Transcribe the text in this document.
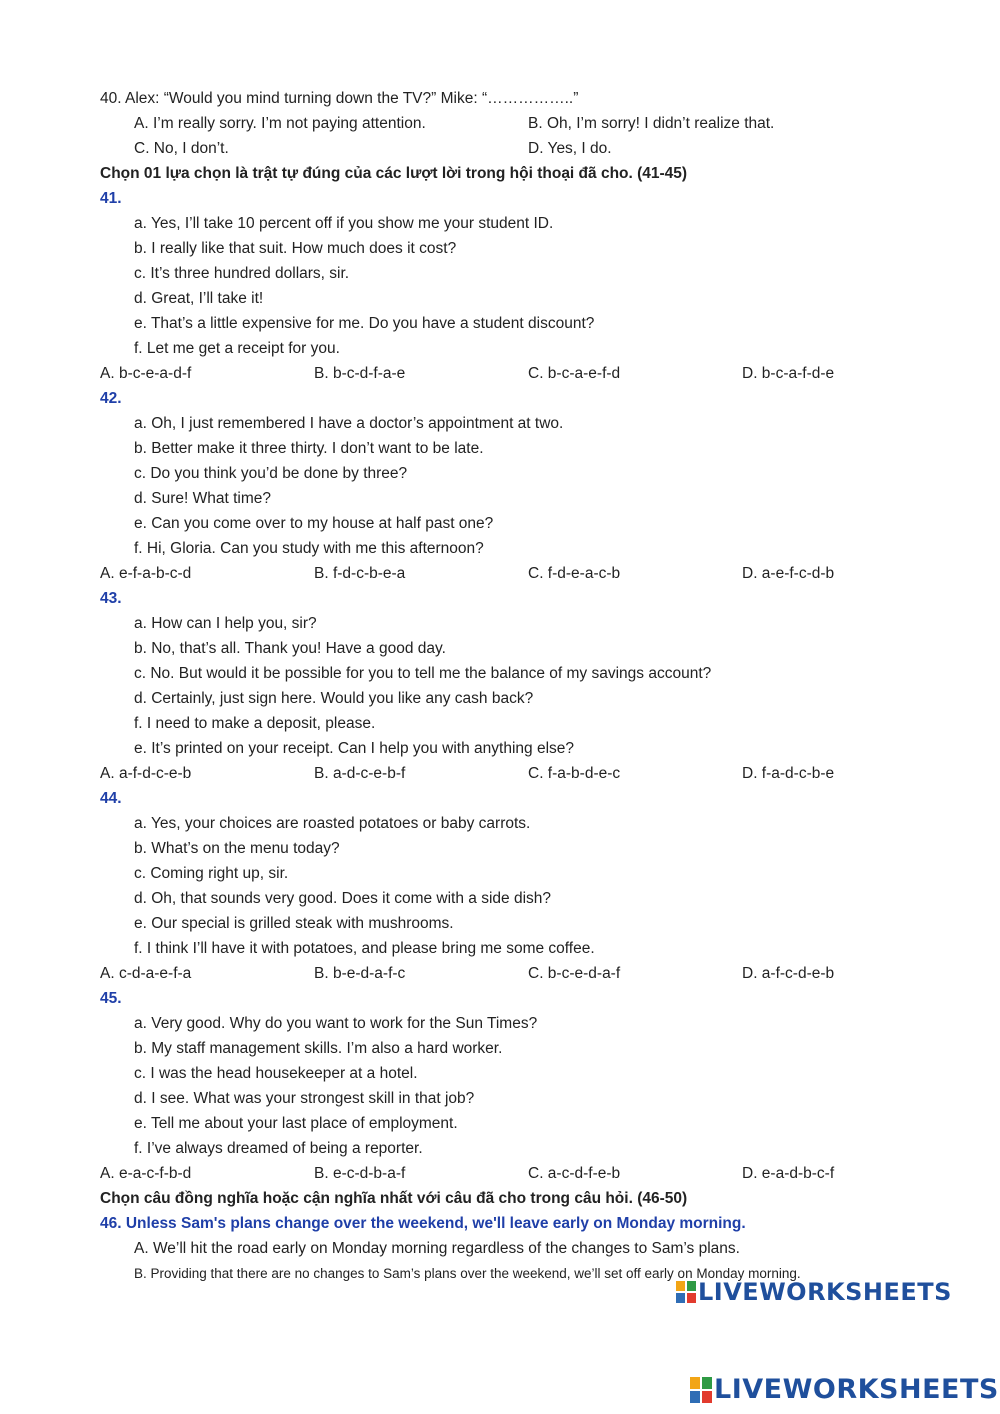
40. Alex: “Would you mind turning down the TV?” Mike: “……………..”
A. I’m really sorry. I’m not paying attention.	B. Oh, I’m sorry! I didn’t realize that.
C. No, I don’t.	D. Yes, I do.
Chọn 01 lựa chọn là trật tự đúng của các lượt lời trong hội thoại đã cho. (41-45)
41.
a. Yes, I’ll take 10 percent off if you show me your student ID.
b. I really like that suit. How much does it cost?
c. It’s three hundred dollars, sir.
d. Great, I’ll take it!
e. That’s a little expensive for me. Do you have a student discount?
f. Let me get a receipt for you.
A. b-c-e-a-d-f	B. b-c-d-f-a-e	C. b-c-a-e-f-d	D. b-c-a-f-d-e
42.
a. Oh, I just remembered I have a doctor’s appointment at two.
b. Better make it three thirty. I don’t want to be late.
c. Do you think you’d be done by three?
d. Sure! What time?
e. Can you come over to my house at half past one?
f. Hi, Gloria. Can you study with me this afternoon?
A. e-f-a-b-c-d	B. f-d-c-b-e-a	C. f-d-e-a-c-b	D. a-e-f-c-d-b
43.
a. How can I help you, sir?
b. No, that’s all. Thank you! Have a good day.
c. No. But would it be possible for you to tell me the balance of my savings account?
d. Certainly, just sign here. Would you like any cash back?
f. I need to make a deposit, please.
e. It’s printed on your receipt. Can I help you with anything else?
A. a-f-d-c-e-b	B. a-d-c-e-b-f	C. f-a-b-d-e-c	D. f-a-d-c-b-e
44.
a. Yes, your choices are roasted potatoes or baby carrots.
b. What’s on the menu today?
c. Coming right up, sir.
d. Oh, that sounds very good. Does it come with a side dish?
e. Our special is grilled steak with mushrooms.
f. I think I’ll have it with potatoes, and please bring me some coffee.
A. c-d-a-e-f-a	B. b-e-d-a-f-c	C. b-c-e-d-a-f	D. a-f-c-d-e-b
45.
a. Very good. Why do you want to work for the Sun Times?
b. My staff management skills. I’m also a hard worker.
c. I was the head housekeeper at a hotel.
d. I see. What was your strongest skill in that job?
e. Tell me about your last place of employment.
f. I’ve always dreamed of being a reporter.
A. e-a-c-f-b-d	B. e-c-d-b-a-f	C. a-c-d-f-e-b	D. e-a-d-b-c-f
Chọn câu đồng nghĩa hoặc cận nghĩa nhất với câu đã cho trong câu hỏi. (46-50)
46. Unless Sam's plans change over the weekend, we'll leave early on Monday morning.
A. We’ll hit the road early on Monday morning regardless of the changes to Sam’s plans.
B. Providing that there are no changes to Sam’s plans over the weekend, we’ll set off early on Monday morning.
LIVEWORKSHEETS
LIVEWORKSHEETS
